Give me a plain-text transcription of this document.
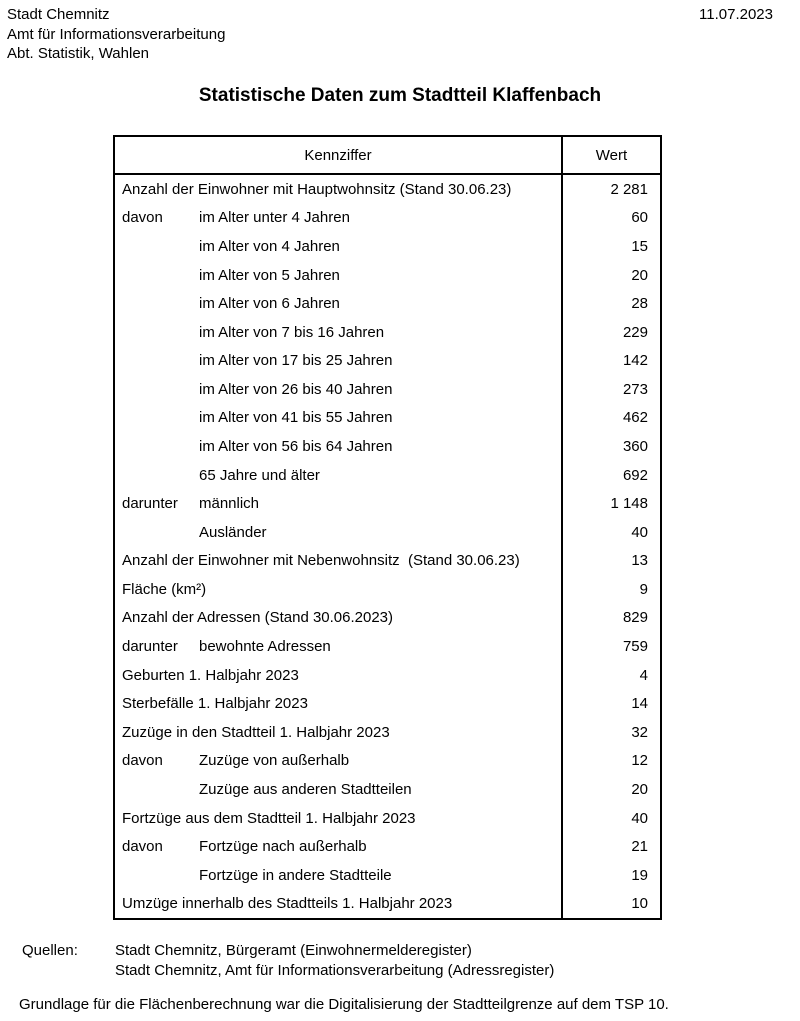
Stadt Chemnitz
Amt für Informationsverarbeitung
Abt. Statistik, Wahlen
11.07.2023
Statistische Daten zum Stadtteil Klaffenbach
Kennziffer	Wert
Anzahl der Einwohner mit Hauptwohnsitz (Stand 30.06.23)	2 281
davon	im Alter unter 4 Jahren	60
im Alter von 4 Jahren	15
im Alter von 5 Jahren	20
im Alter von 6 Jahren	28
im Alter von 7 bis 16 Jahren	229
im Alter von 17 bis 25 Jahren	142
im Alter von 26 bis 40 Jahren	273
im Alter von 41 bis 55 Jahren	462
im Alter von 56 bis 64 Jahren	360
65 Jahre und älter	692
darunter	männlich	1 148
Ausländer	40
Anzahl der Einwohner mit Nebenwohnsitz  (Stand 30.06.23)	13
Fläche (km²)	9
Anzahl der Adressen (Stand 30.06.2023)	829
darunter	bewohnte Adressen	759
Geburten 1. Halbjahr 2023	4
Sterbefälle 1. Halbjahr 2023	14
Zuzüge in den Stadtteil 1. Halbjahr 2023	32
davon	Zuzüge von außerhalb	12
Zuzüge aus anderen Stadtteilen	20
Fortzüge aus dem Stadtteil 1. Halbjahr 2023	40
davon	Fortzüge nach außerhalb	21
Fortzüge in andere Stadtteile	19
Umzüge innerhalb des Stadtteils 1. Halbjahr 2023	10
Quellen:	Stadt Chemnitz, Bürgeramt (Einwohnermelderegister)
Stadt Chemnitz, Amt für Informationsverarbeitung (Adressregister)
Grundlage für die Flächenberechnung war die Digitalisierung der Stadtteilgrenze auf dem TSP 10.
